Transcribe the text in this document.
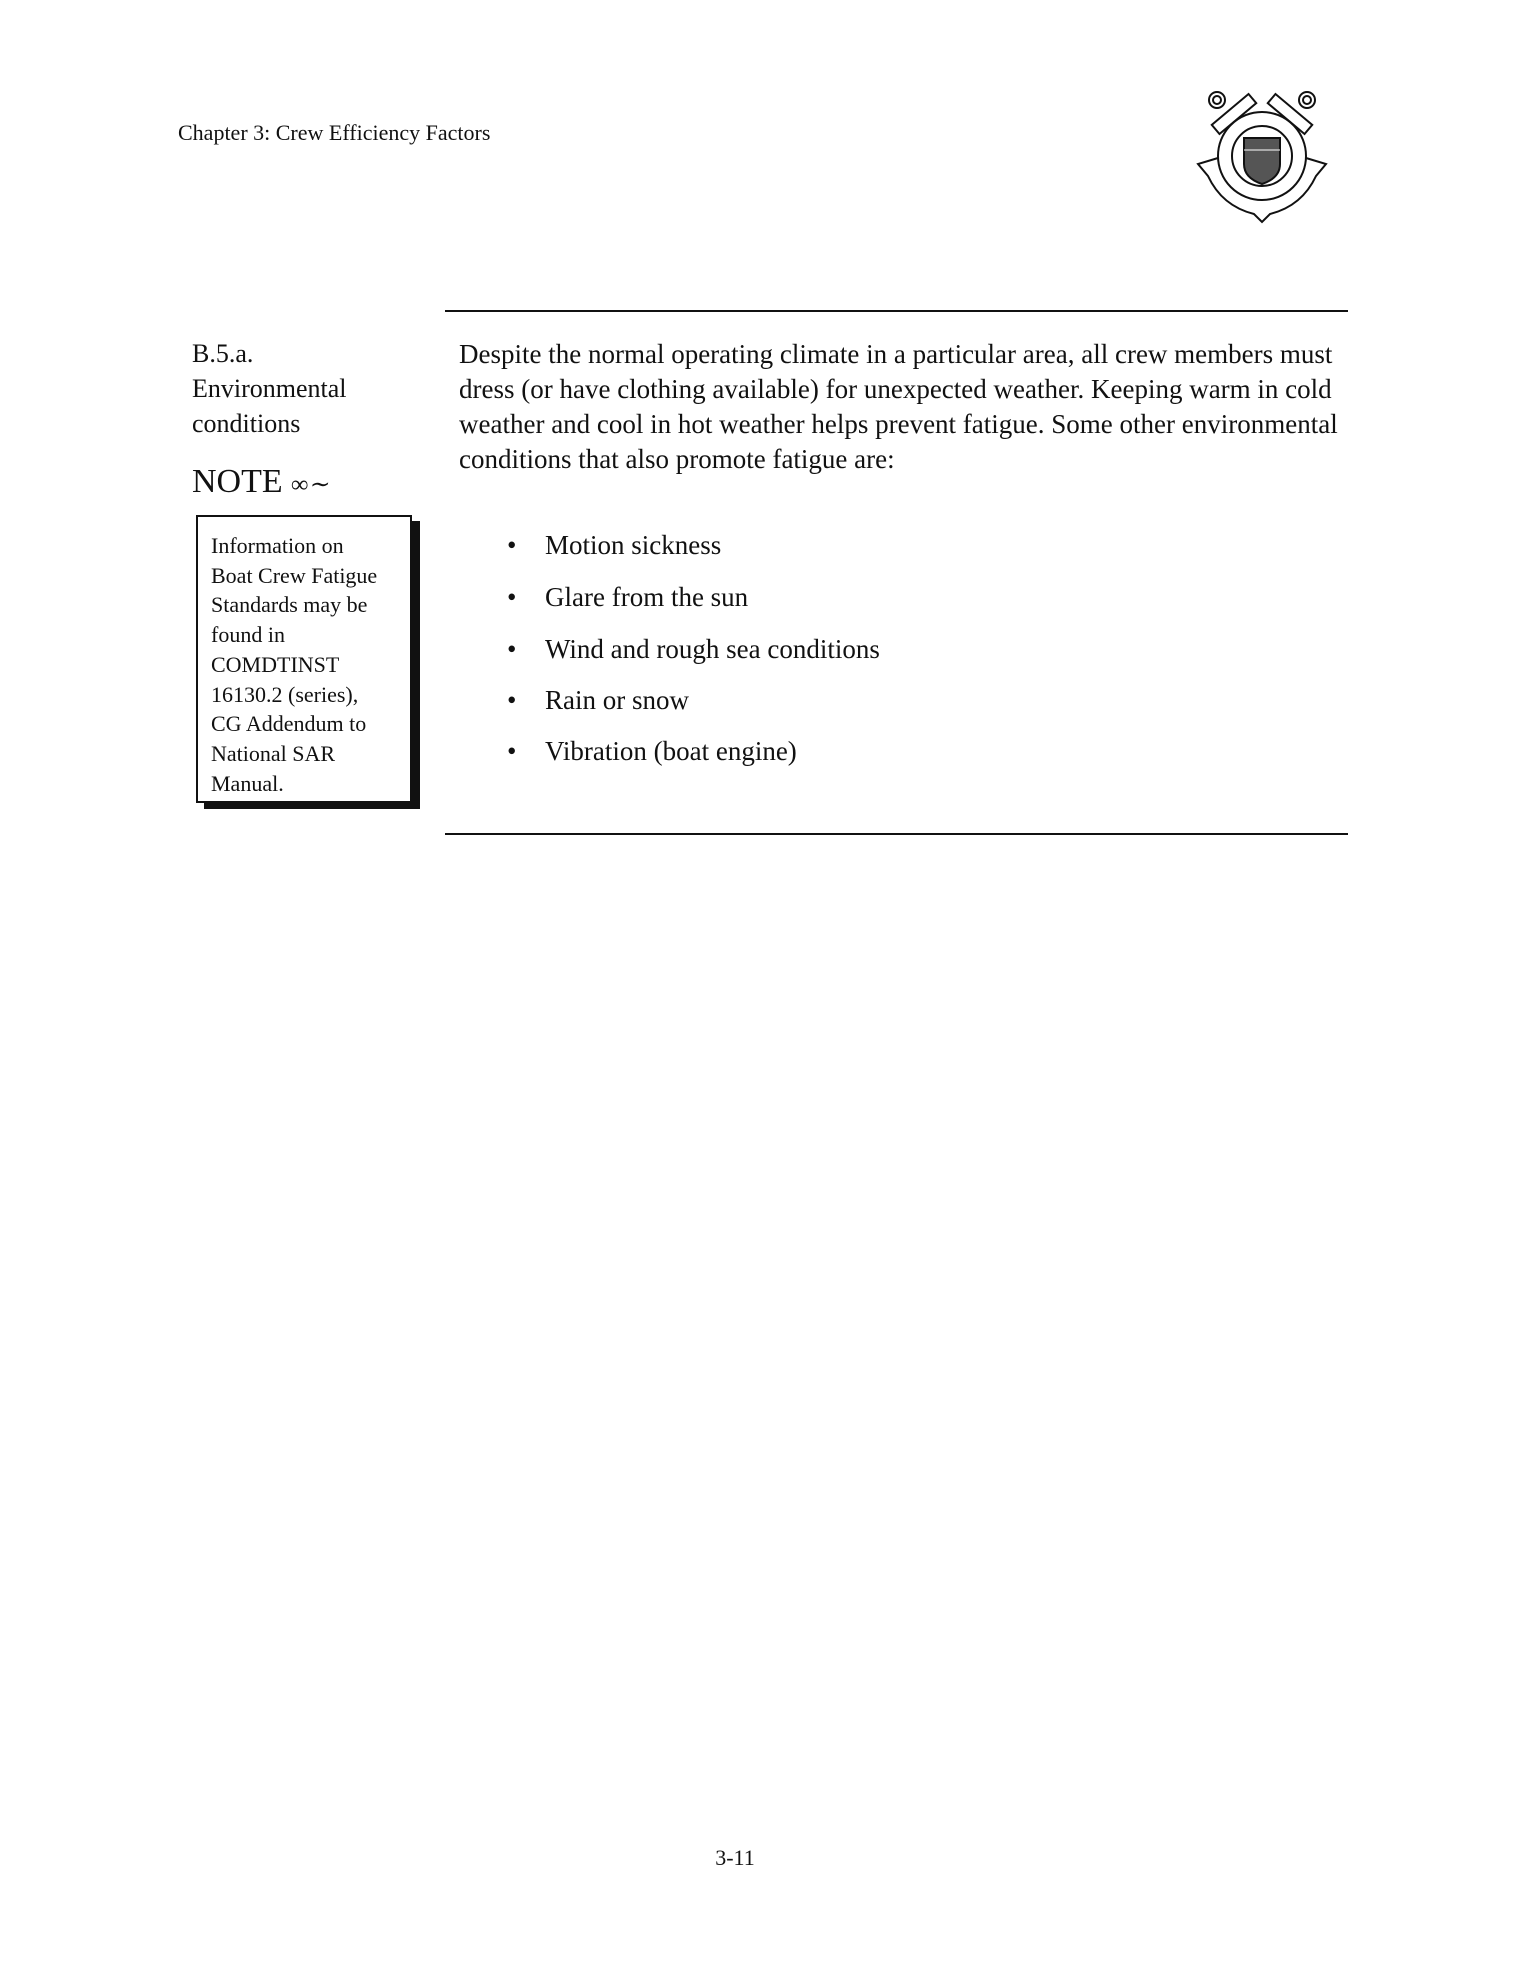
Chapter 3: Crew Efficiency Factors
B.5.a.
Environmental
conditions
NOTE ∞∼
Information on
Boat Crew Fatigue
Standards may be
found in
COMDTINST
16130.2 (series),
CG Addendum to
National SAR
Manual.
Despite the normal operating climate in a particular area, all crew members must dress (or have clothing available) for unexpected weather. Keeping warm in cold weather and cool in hot weather helps prevent fatigue. Some other environmental conditions that also promote fatigue are:
• Motion sickness
• Glare from the sun
• Wind and rough sea conditions
• Rain or snow
• Vibration (boat engine)
3-11
